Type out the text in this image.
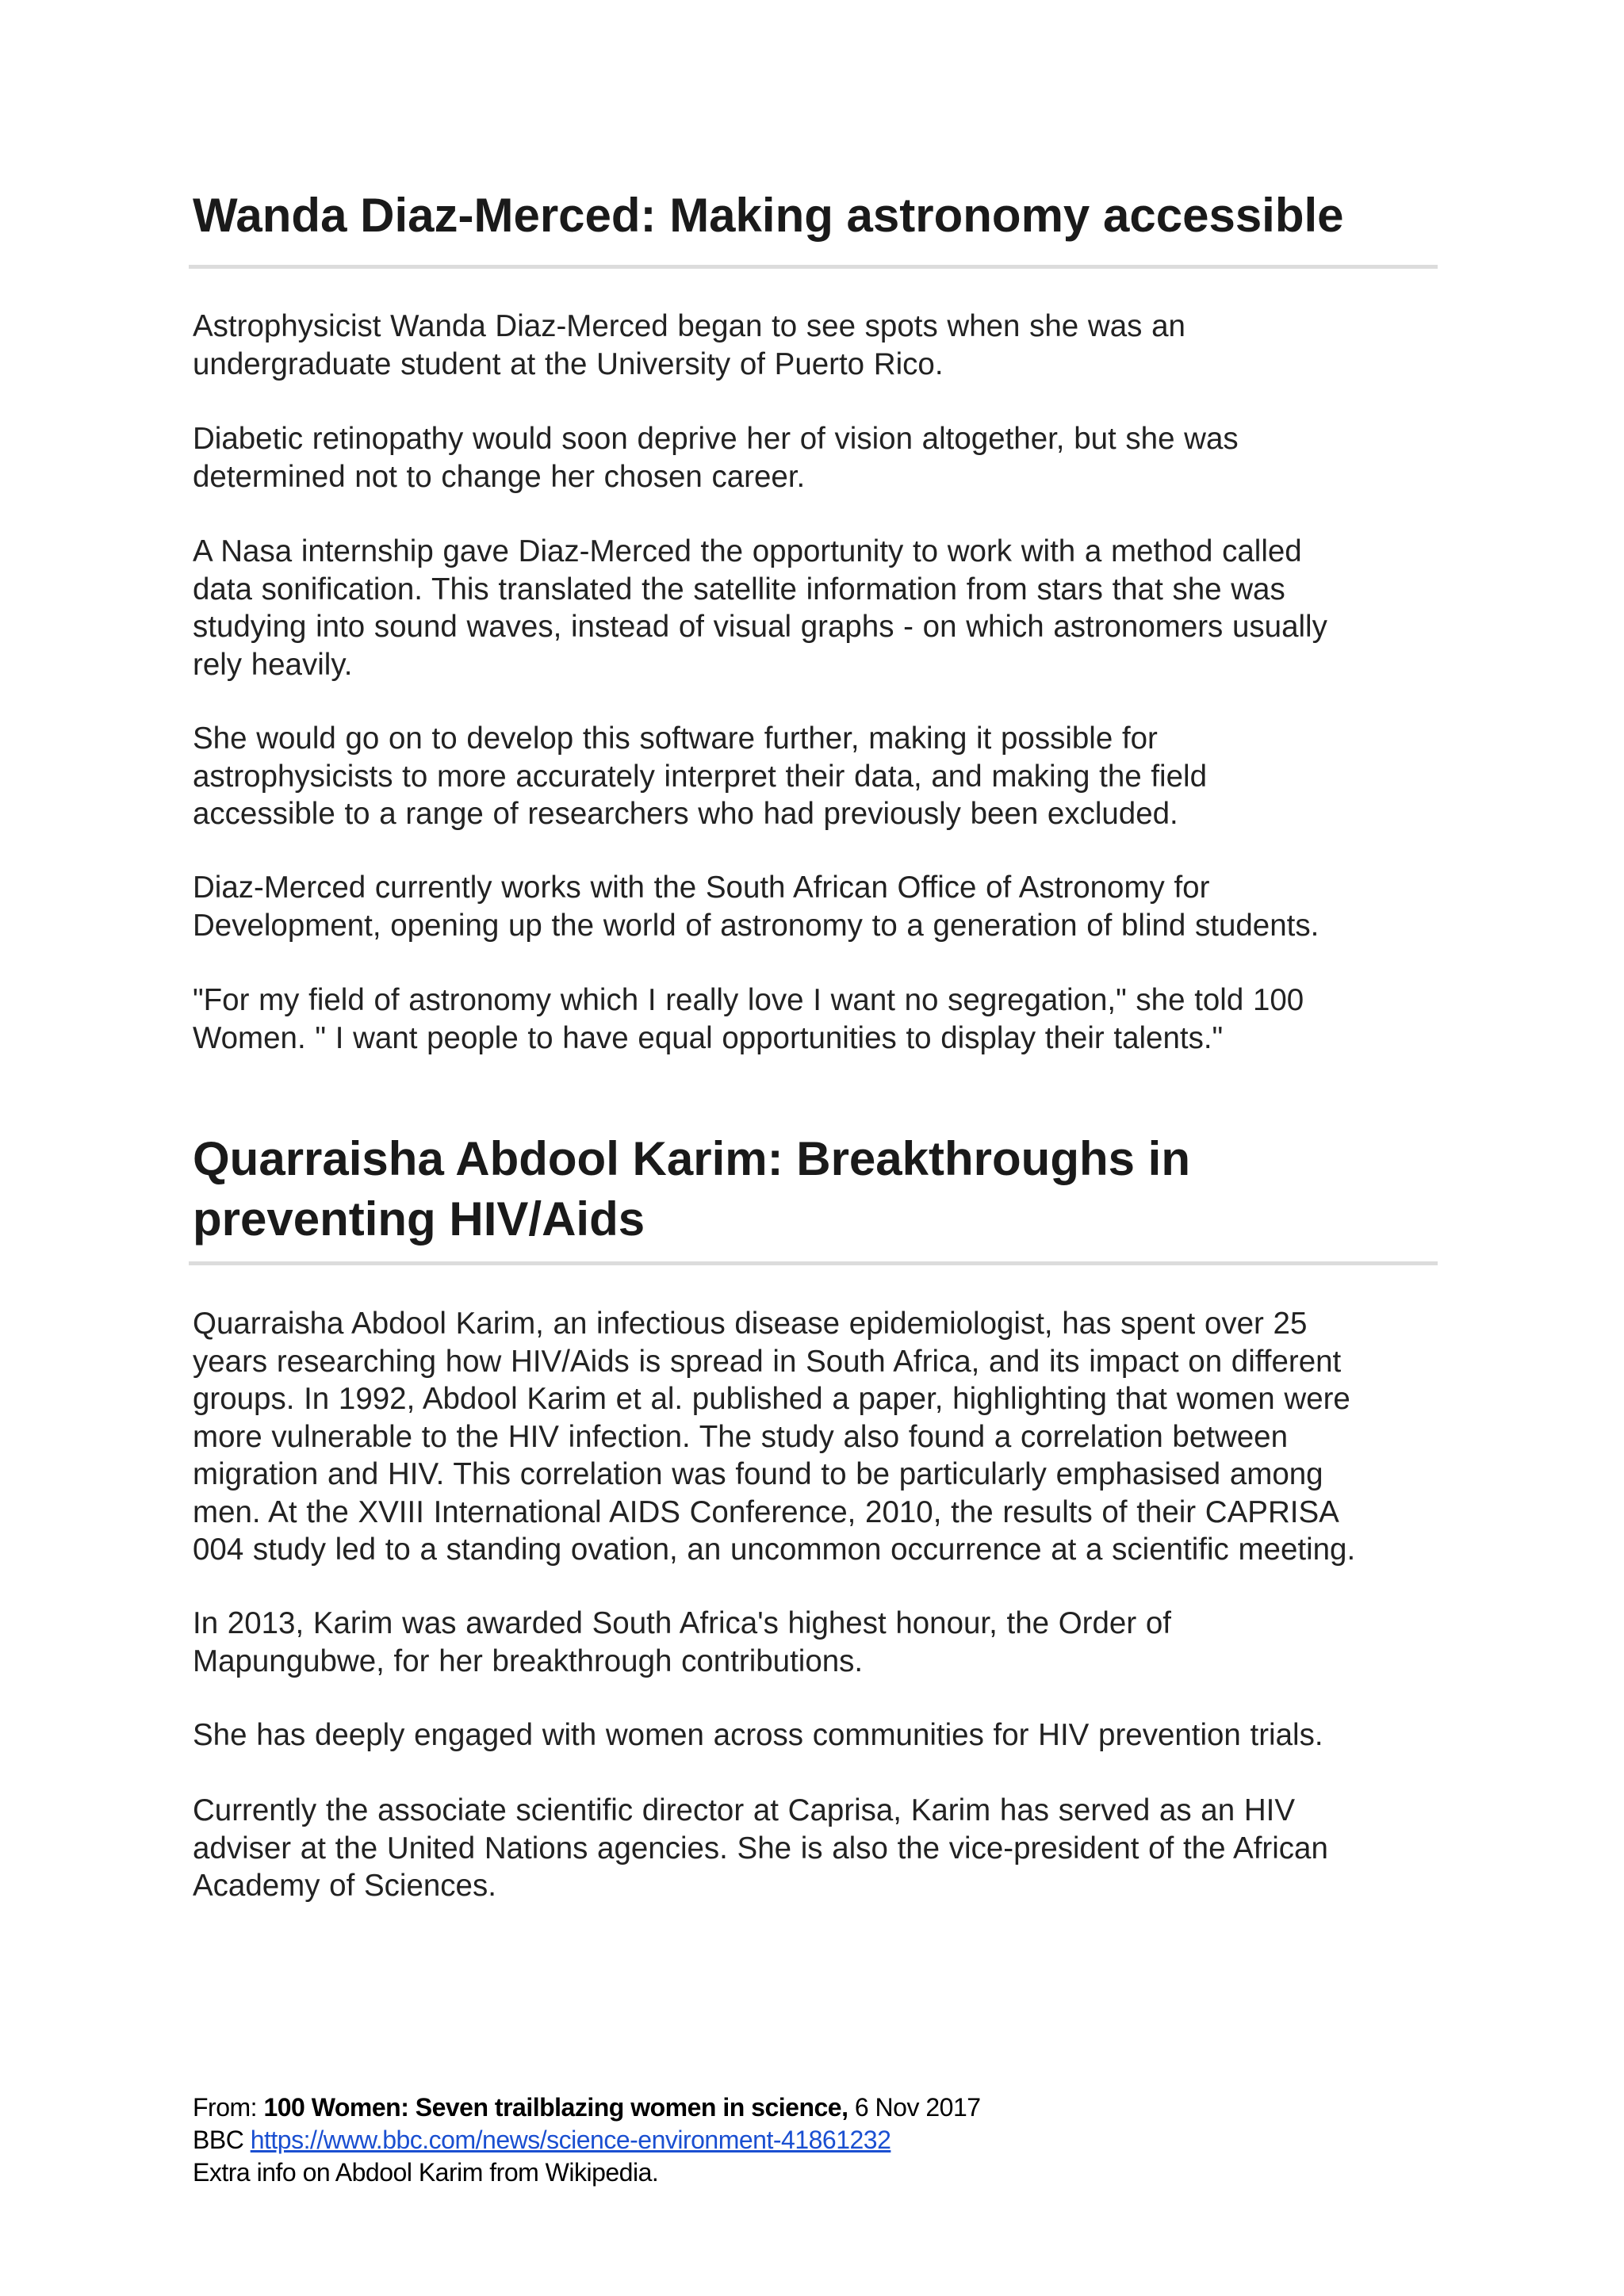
Wanda Diaz-Merced: Making astronomy accessible

Astrophysicist Wanda Diaz-Merced began to see spots when she was an
undergraduate student at the University of Puerto Rico.

Diabetic retinopathy would soon deprive her of vision altogether, but she was
determined not to change her chosen career.

A Nasa internship gave Diaz-Merced the opportunity to work with a method called
data sonification. This translated the satellite information from stars that she was
studying into sound waves, instead of visual graphs - on which astronomers usually
rely heavily.

She would go on to develop this software further, making it possible for
astrophysicists to more accurately interpret their data, and making the field
accessible to a range of researchers who had previously been excluded.

Diaz-Merced currently works with the South African Office of Astronomy for
Development, opening up the world of astronomy to a generation of blind students.

"For my field of astronomy which I really love I want no segregation," she told 100
Women. " I want people to have equal opportunities to display their talents."

Quarraisha Abdool Karim: Breakthroughs in
preventing HIV/Aids

Quarraisha Abdool Karim, an infectious disease epidemiologist, has spent over 25
years researching how HIV/Aids is spread in South Africa, and its impact on different
groups. In 1992, Abdool Karim et al. published a paper, highlighting that women were
more vulnerable to the HIV infection. The study also found a correlation between
migration and HIV. This correlation was found to be particularly emphasised among
men. At the XVIII International AIDS Conference, 2010, the results of their CAPRISA
004 study led to a standing ovation, an uncommon occurrence at a scientific meeting.

In 2013, Karim was awarded South Africa's highest honour, the Order of
Mapungubwe, for her breakthrough contributions.

She has deeply engaged with women across communities for HIV prevention trials.

Currently the associate scientific director at Caprisa, Karim has served as an HIV
adviser at the United Nations agencies. She is also the vice-president of the African
Academy of Sciences.

From: 100 Women: Seven trailblazing women in science, 6 Nov 2017
BBC https://www.bbc.com/news/science-environment-41861232
Extra info on Abdool Karim from Wikipedia.
